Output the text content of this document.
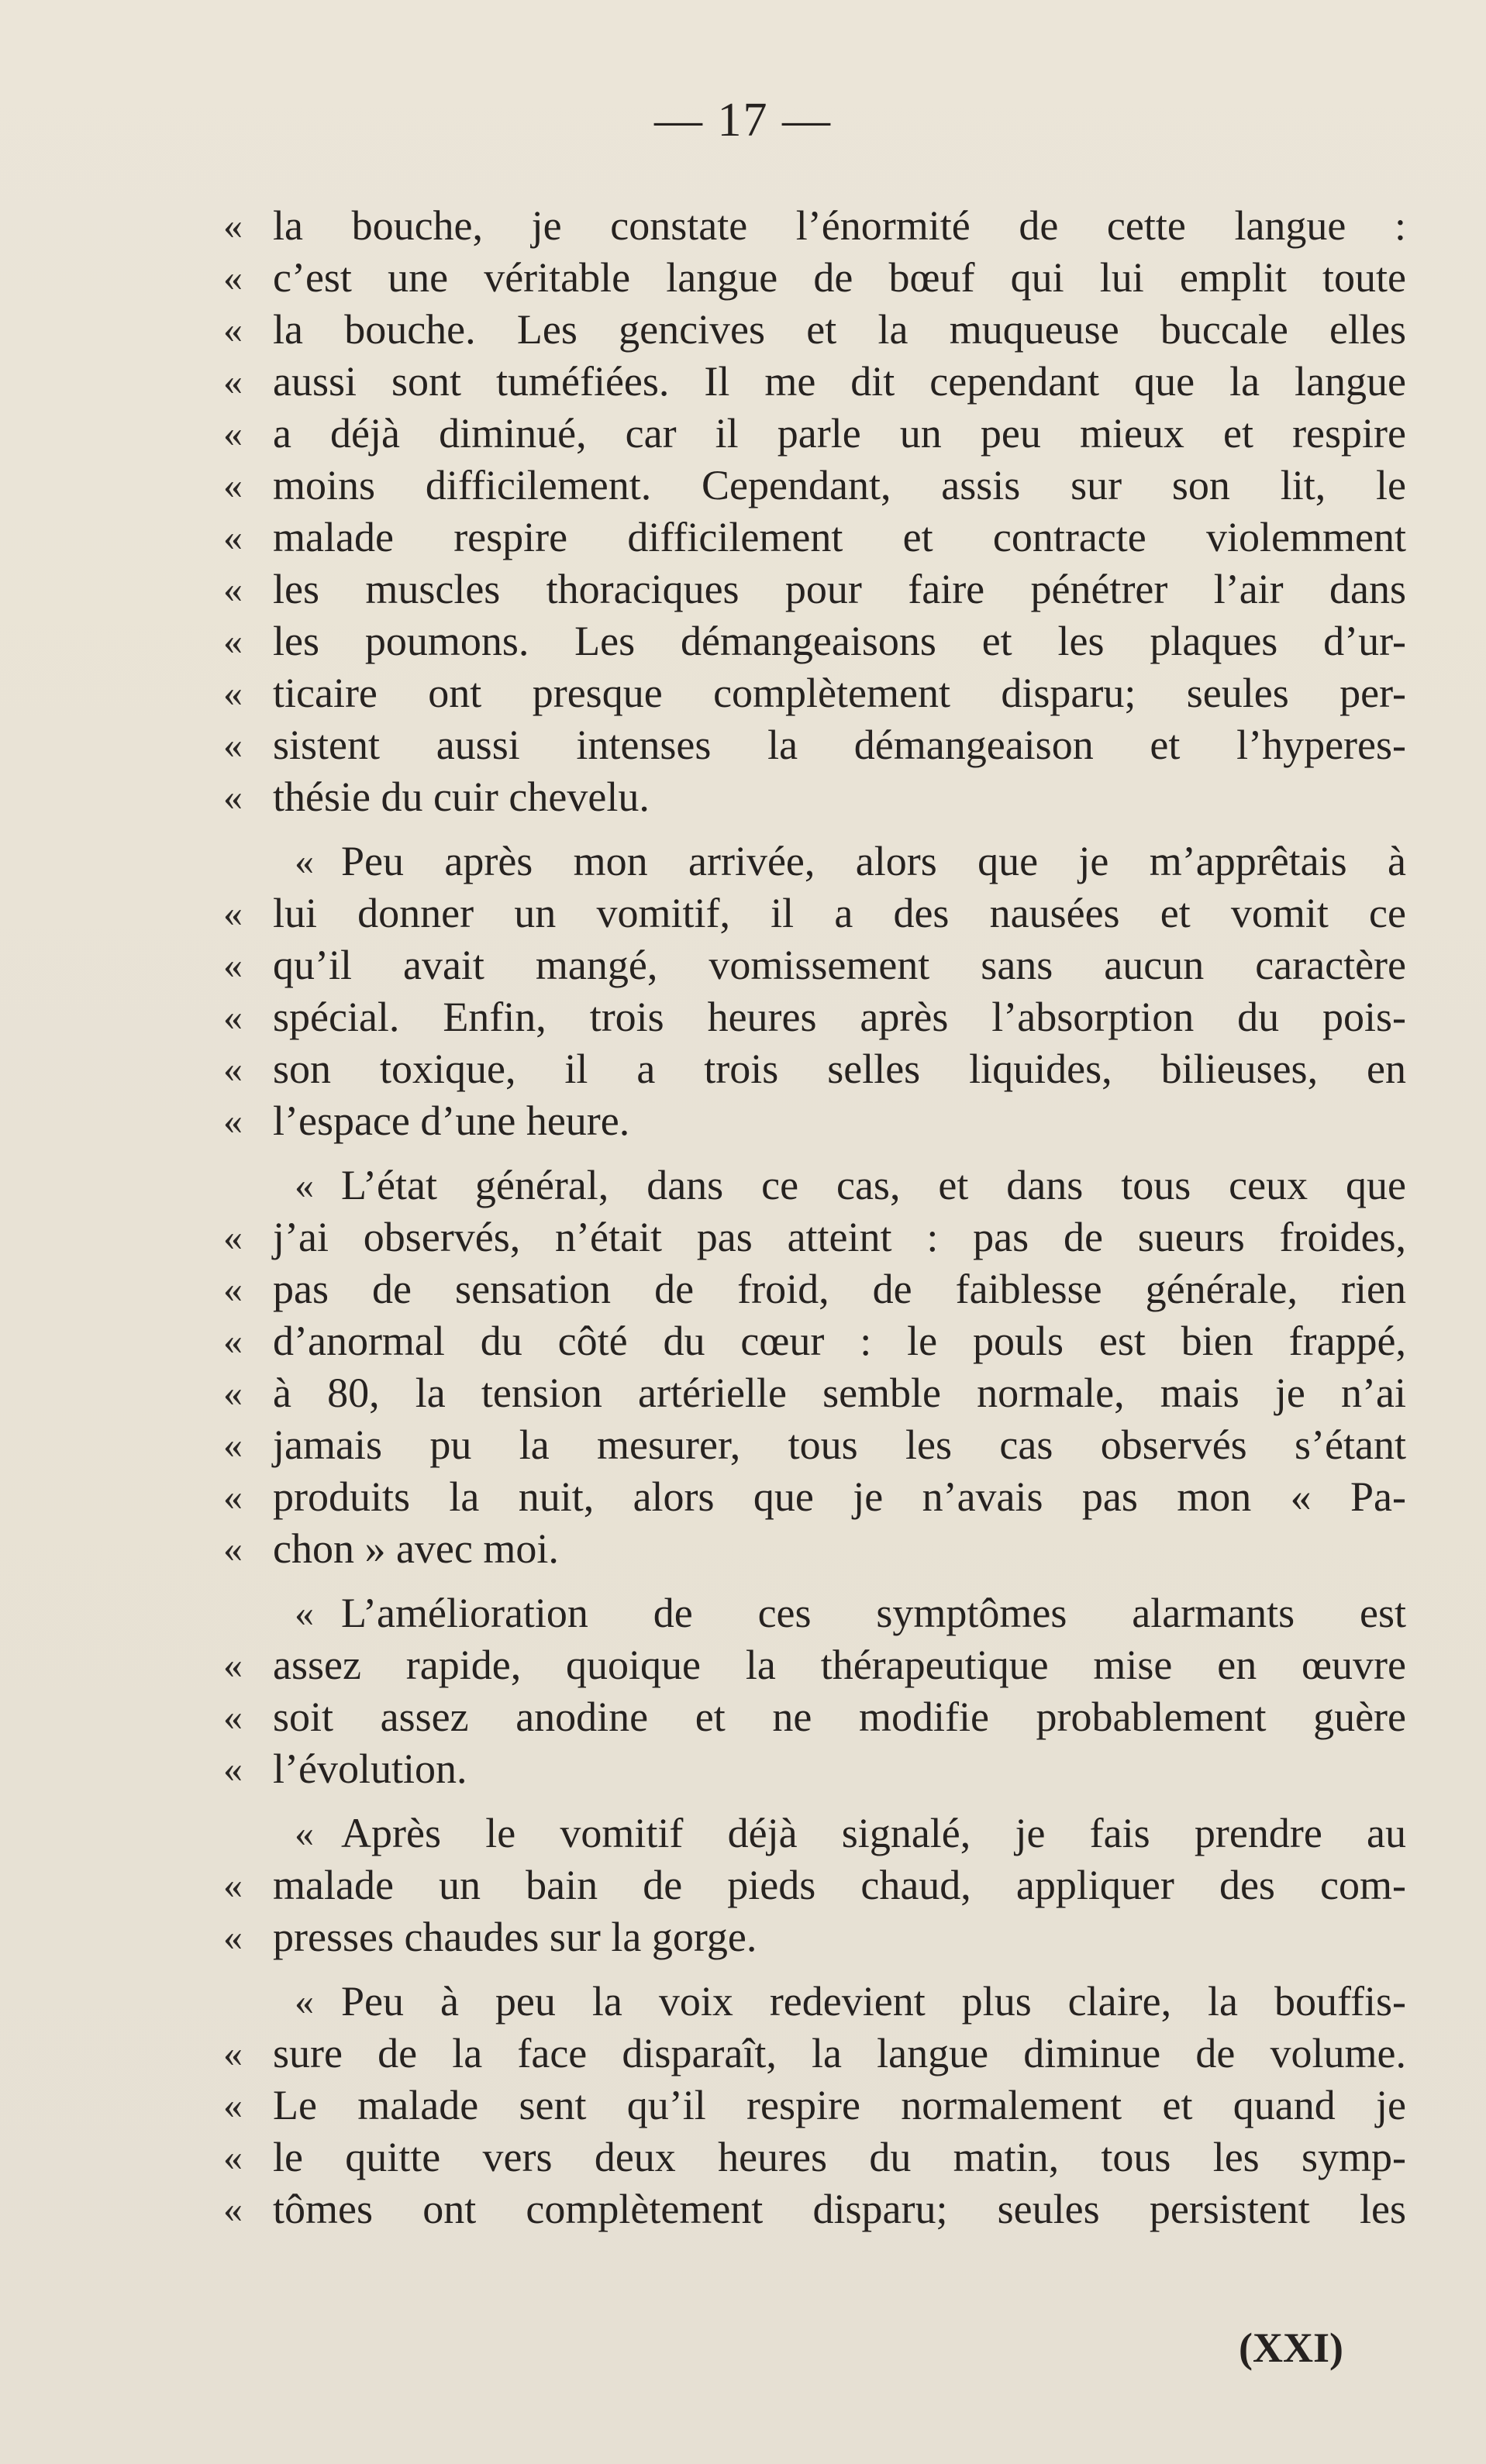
— 17 —
« la bouche, je constate l’énormité de cette langue :
« c’est une véritable langue de bœuf qui lui emplit toute
« la bouche. Les gencives et la muqueuse buccale elles
« aussi sont tuméfiées. Il me dit cependant que la langue
« a déjà diminué, car il parle un peu mieux et respire
« moins difficilement. Cependant, assis sur son lit, le
« malade respire difficilement et contracte violemment
« les muscles thoraciques pour faire pénétrer l’air dans
« les poumons. Les démangeaisons et les plaques d’ur-
« ticaire ont presque complètement disparu; seules per-
« sistent aussi intenses la démangeaison et l’hyperes-
« thésie du cuir chevelu.
« Peu après mon arrivée, alors que je m’apprêtais à
« lui donner un vomitif, il a des nausées et vomit ce
« qu’il avait mangé, vomissement sans aucun caractère
« spécial. Enfin, trois heures après l’absorption du pois-
« son toxique, il a trois selles liquides, bilieuses, en
« l’espace d’une heure.
« L’état général, dans ce cas, et dans tous ceux que
« j’ai observés, n’était pas atteint : pas de sueurs froides,
« pas de sensation de froid, de faiblesse générale, rien
« d’anormal du côté du cœur : le pouls est bien frappé,
« à 80, la tension artérielle semble normale, mais je n’ai
« jamais pu la mesurer, tous les cas observés s’étant
« produits la nuit, alors que je n’avais pas mon « Pa-
« chon » avec moi.
« L’amélioration de ces symptômes alarmants est
« assez rapide, quoique la thérapeutique mise en œuvre
« soit assez anodine et ne modifie probablement guère
« l’évolution.
« Après le vomitif déjà signalé, je fais prendre au
« malade un bain de pieds chaud, appliquer des com-
« presses chaudes sur la gorge.
« Peu à peu la voix redevient plus claire, la bouffis-
« sure de la face disparaît, la langue diminue de volume.
« Le malade sent qu’il respire normalement et quand je
« le quitte vers deux heures du matin, tous les symp-
« tômes ont complètement disparu; seules persistent les
(XXI)
